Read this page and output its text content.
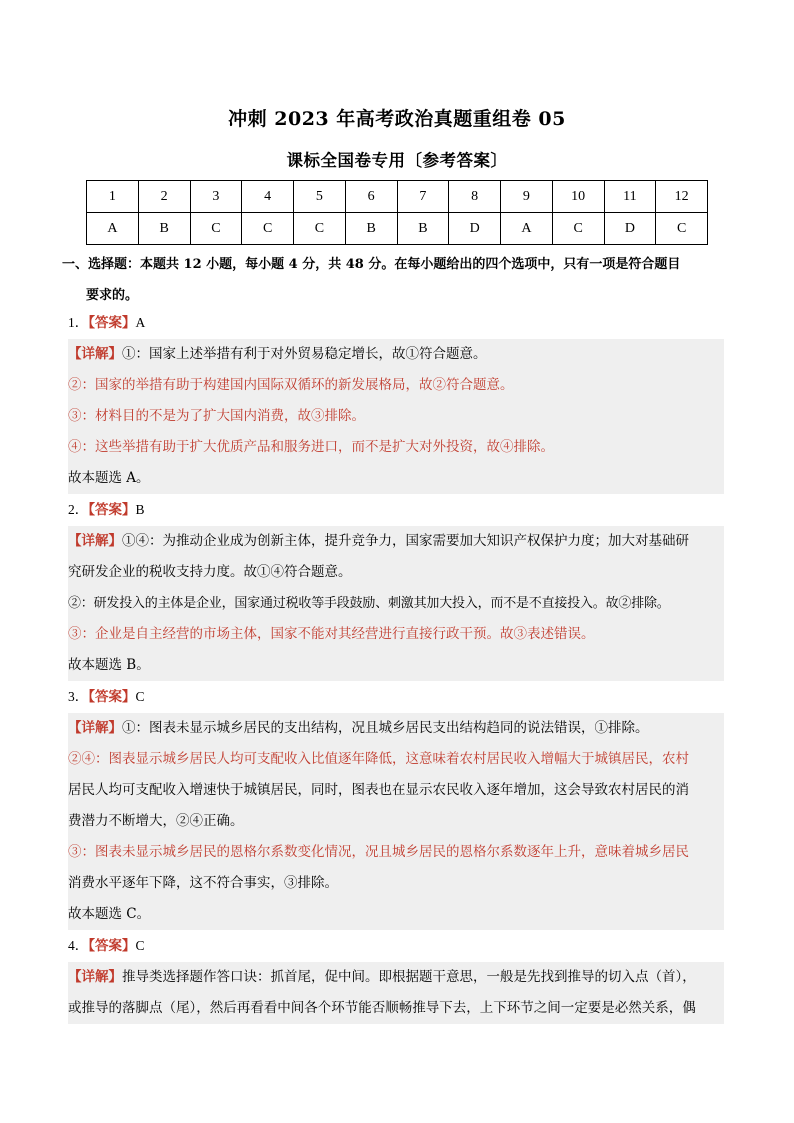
冲刺 2023 年高考政治真题重组卷 05
课标全国卷专用〔参考答案〕
1	2	3	4	5	6	7	8	9	10	11	12
A	B	C	C	C	B	B	D	A	C	D	C
一、选择题：本题共 12 小题，每小题 4 分，共 48 分。在每小题给出的四个选项中，只有一项是符合题目
要求的。
1．【答案】A
【详解】①：国家上述举措有利于对外贸易稳定增长，故①符合题意。
②：国家的举措有助于构建国内国际双循环的新发展格局，故②符合题意。
③：材料目的不是为了扩大国内消费，故③排除。
④：这些举措有助于扩大优质产品和服务进口，而不是扩大对外投资，故④排除。
故本题选 A。
2．【答案】B
【详解】①④：为推动企业成为创新主体，提升竞争力，国家需要加大知识产权保护力度；加大对基础研
究研发企业的税收支持力度。故①④符合题意。
②：研发投入的主体是企业，国家通过税收等手段鼓励、刺激其加大投入，而不是不直接投入。故②排除。
③：企业是自主经营的市场主体，国家不能对其经营进行直接行政干预。故③表述错误。
故本题选 B。
3．【答案】C
【详解】①：图表未显示城乡居民的支出结构，况且城乡居民支出结构趋同的说法错误，①排除。
②④：图表显示城乡居民人均可支配收入比值逐年降低，这意味着农村居民收入增幅大于城镇居民，农村
居民人均可支配收入增速快于城镇居民，同时，图表也在显示农民收入逐年增加，这会导致农村居民的消
费潜力不断增大，②④正确。
③：图表未显示城乡居民的恩格尔系数变化情况，况且城乡居民的恩格尔系数逐年上升，意味着城乡居民
消费水平逐年下降，这不符合事实，③排除。
故本题选 C。
4．【答案】C
【详解】推导类选择题作答口诀：抓首尾，促中间。即根据题干意思，一般是先找到推导的切入点（首），
或推导的落脚点（尾），然后再看看中间各个环节能否顺畅推导下去，上下环节之间一定要是必然关系，偶
